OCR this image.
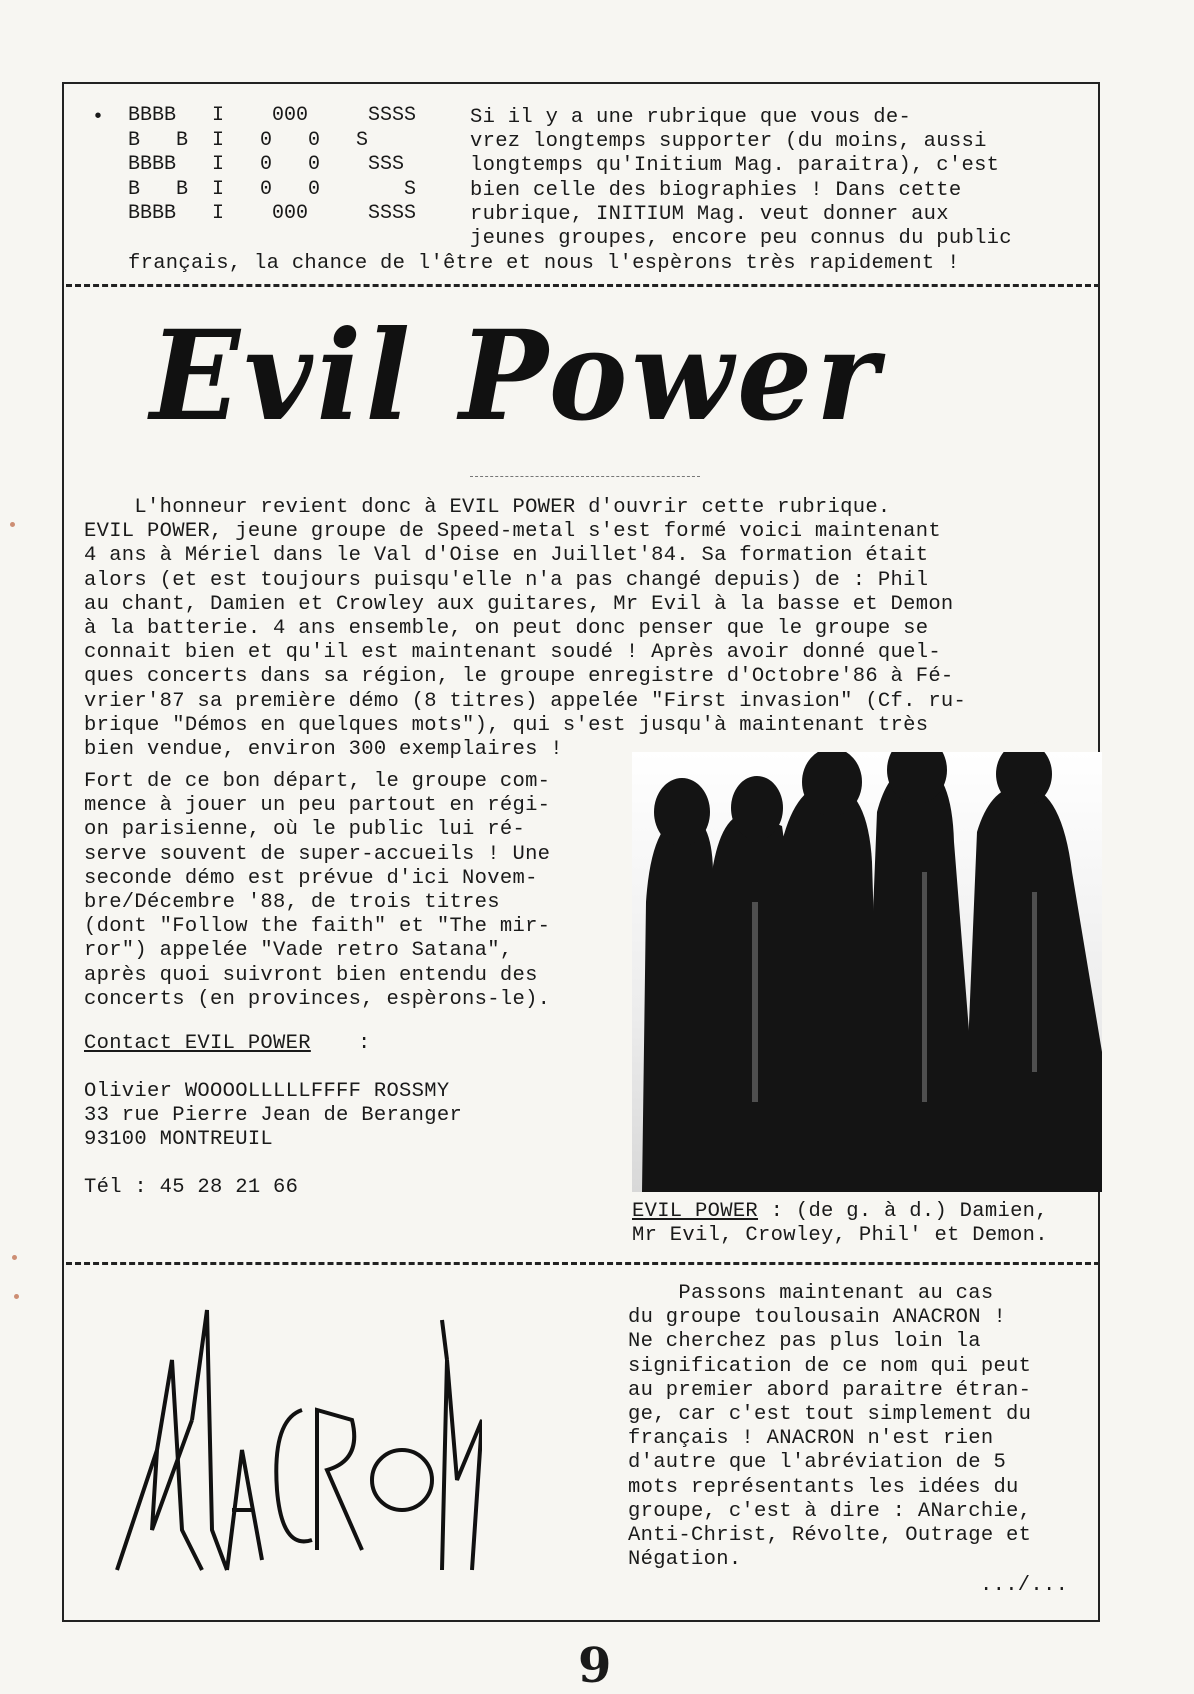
• BBBB   I    000     SSSS
B   B  I   0   0   S
BBBB   I   0   0    SSS
B   B  I   0   0       S
BBBB   I    000     SSSS
Si il y a une rubrique que vous de-
vrez longtemps supporter (du moins, aussi
longtemps qu'Initium Mag. paraitra), c'est
bien celle des biographies ! Dans cette
rubrique, INITIUM Mag. veut donner aux
jeunes groupes, encore peu connus du public
français, la chance de l'être et nous l'espèrons très rapidement !
Evil Power
L'honneur revient donc à EVIL POWER d'ouvrir cette rubrique.
EVIL POWER, jeune groupe de Speed-metal s'est formé voici maintenant
4 ans à Mériel dans le Val d'Oise en Juillet'84. Sa formation était
alors (et est toujours puisqu'elle n'a pas changé depuis) de : Phil
au chant, Damien et Crowley aux guitares, Mr Evil à la basse et Demon
à la batterie. 4 ans ensemble, on peut donc penser que le groupe se
connait bien et qu'il est maintenant soudé ! Après avoir donné quel-
ques concerts dans sa région, le groupe enregistre d'Octobre'86 à Fé-
vrier'87 sa première démo (8 titres) appelée "First invasion" (Cf. ru-
brique "Démos en quelques mots"), qui s'est jusqu'à maintenant très
bien vendue, environ 300 exemplaires !
Fort de ce bon départ, le groupe com-
mence à jouer un peu partout en régi-
on parisienne, où le public lui ré-
serve souvent de super-accueils ! Une
seconde démo est prévue d'ici Novem-
bre/Décembre '88, de trois titres
(dont "Follow the faith" et "The mir-
ror") appelée "Vade retro Satana",
après quoi suivront bien entendu des
concerts (en provinces, espèrons-le).
Contact EVIL POWER :
Olivier WOOOOLLLLLFFFF ROSSMY
33 rue Pierre Jean de Beranger
93100 MONTREUIL
Tél : 45 28 21 66
EVIL POWER : (de g. à d.) Damien,
Mr Evil, Crowley, Phil' et Demon.
Passons maintenant au cas
du groupe toulousain ANACRON !
Ne cherchez pas plus loin la
signification de ce nom qui peut
au premier abord paraitre étran-
ge, car c'est tout simplement du
français ! ANACRON n'est rien
d'autre que l'abréviation de 5
mots représentants les idées du
groupe, c'est à dire : ANarchie,
Anti-Christ, Révolte, Outrage et
Négation.
.../...
9
